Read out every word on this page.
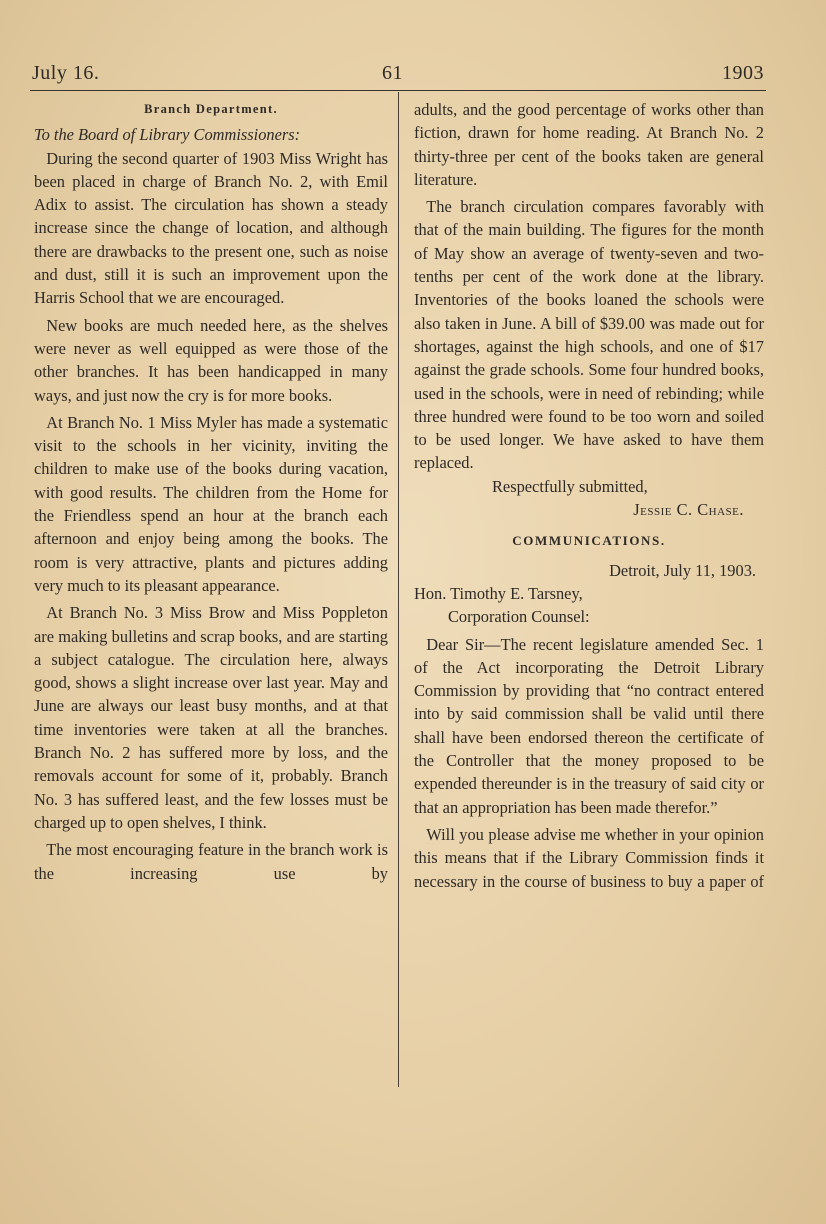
July 16.	61	1903

Branch Department.

To the Board of Library Commissioners:

During the second quarter of 1903 Miss Wright has been placed in charge of Branch No. 2, with Emil Adix to assist. The circulation has shown a steady increase since the change of location, and although there are drawbacks to the present one, such as noise and dust, still it is such an improvement upon the Harris School that we are encouraged.

New books are much needed here, as the shelves were never as well equipped as were those of the other branches. It has been handicapped in many ways, and just now the cry is for more books.

At Branch No. 1 Miss Myler has made a systematic visit to the schools in her vicinity, inviting the children to make use of the books during vacation, with good results. The children from the Home for the Friendless spend an hour at the branch each afternoon and enjoy being among the books. The room is very attractive, plants and pictures adding very much to its pleasant appearance.

At Branch No. 3 Miss Brow and Miss Poppleton are making bulletins and scrap books, and are starting a subject catalogue. The circulation here, always good, shows a slight increase over last year. May and June are always our least busy months, and at that time inventories were taken at all the branches. Branch No. 2 has suffered more by loss, and the removals account for some of it, probably. Branch No. 3 has suffered least, and the few losses must be charged up to open shelves, I think.

The most encouraging feature in the branch work is the increasing use by

adults, and the good percentage of works other than fiction, drawn for home reading. At Branch No. 2 thirty-three per cent of the books taken are general literature.

The branch circulation compares favorably with that of the main building. The figures for the month of May show an average of twenty-seven and two-tenths per cent of the work done at the library. Inventories of the books loaned the schools were also taken in June. A bill of $39.00 was made out for shortages, against the high schools, and one of $17 against the grade schools. Some four hundred books, used in the schools, were in need of rebinding; while three hundred were found to be too worn and soiled to be used longer. We have asked to have them replaced.

Respectfully submitted,

Jessie C. Chase.

COMMUNICATIONS.

Detroit, July 11, 1903.

Hon. Timothy E. Tarsney,

Corporation Counsel:

Dear Sir—The recent legislature amended Sec. 1 of the Act incorporating the Detroit Library Commission by providing that “no contract entered into by said commission shall be valid until there shall have been endorsed thereon the certificate of the Controller that the money proposed to be expended thereunder is in the treasury of said city or that an appropriation has been made therefor.”

Will you please advise me whether in your opinion this means that if the Library Commission finds it necessary in the course of business to buy a paper of
